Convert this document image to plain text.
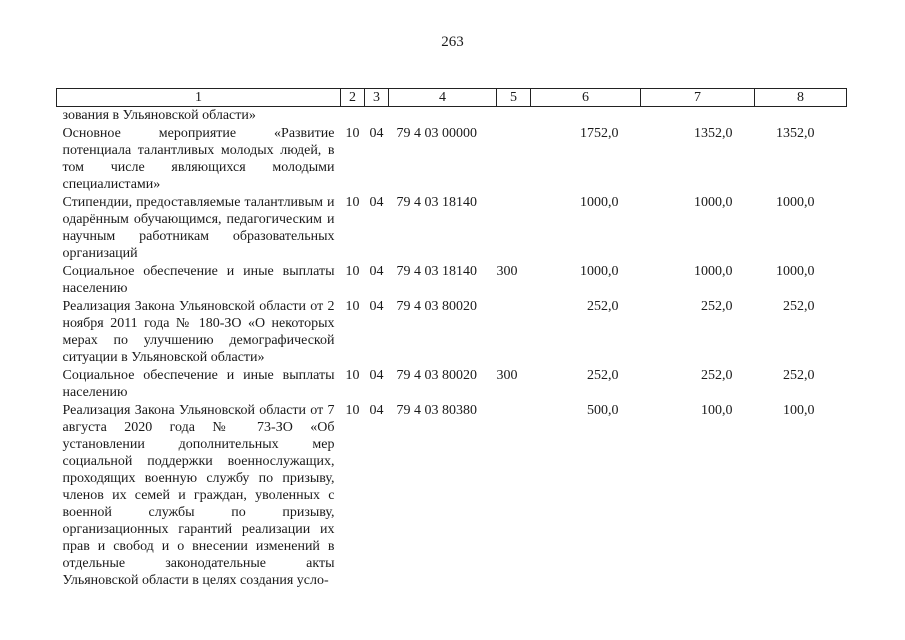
263
1	2	3	4	5	6	7	8
зования в Ульяновской области»							
Основное мероприятие «Развитие потенциала талантливых молодых людей, в том числе являющихся молодыми специалистами»	10	04	79 4 03 00000		1752,0	1352,0	1352,0
Стипендии, предоставляемые талантливым и одарённым обучающимся, педагогическим и научным работникам образовательных организаций	10	04	79 4 03 18140		1000,0	1000,0	1000,0
Социальное обеспечение и иные выплаты населению	10	04	79 4 03 18140	300	1000,0	1000,0	1000,0
Реализация Закона Ульяновской области от 2 ноября 2011 года № 180-ЗО «О некоторых мерах по улучшению демографической ситуации в Ульяновской области»	10	04	79 4 03 80020		252,0	252,0	252,0
Социальное обеспечение и иные выплаты населению	10	04	79 4 03 80020	300	252,0	252,0	252,0
Реализация Закона Ульяновской области от 7 августа 2020 года № 73-ЗО «Об установлении дополнительных мер социальной поддержки военнослужащих, проходящих военную службу по призыву, членов их семей и граждан, уволенных с военной службы по призыву, организационных гарантий реализации их прав и свобод и о внесении изменений в отдельные законодательные акты Ульяновской области в целях создания усло-	10	04	79 4 03 80380		500,0	100,0	100,0
